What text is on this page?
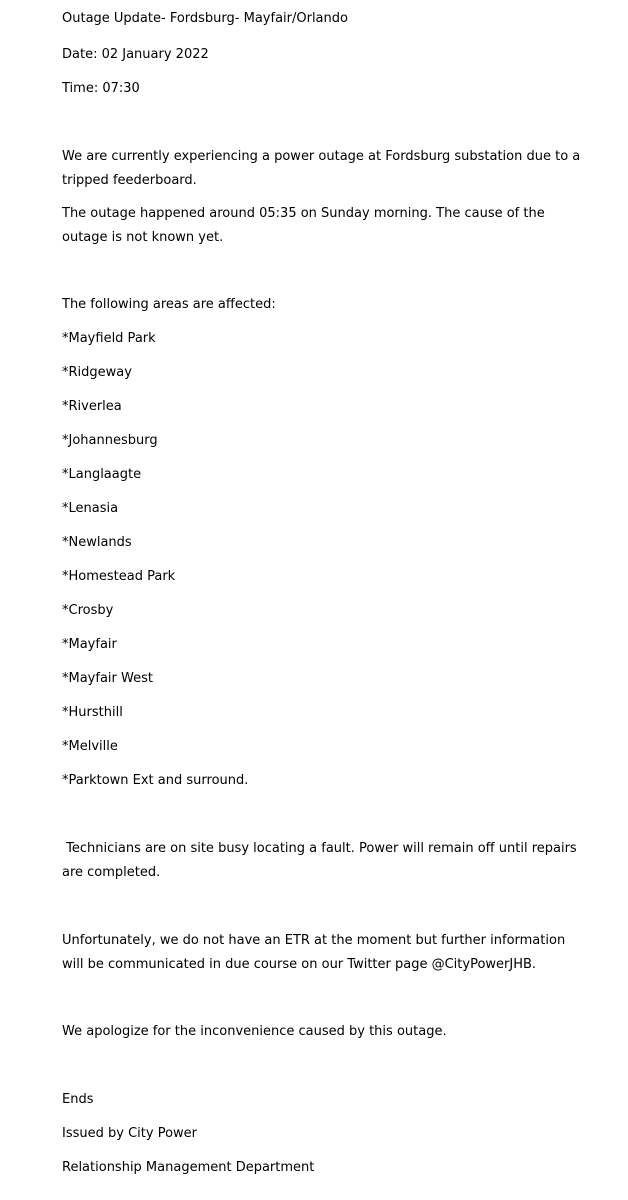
Outage Update- Fordsburg- Mayfair/Orlando
Date: 02 January 2022
Time: 07:30
We are currently experiencing a power outage at Fordsburg substation due to a
tripped feederboard.
The outage happened around 05:35 on Sunday morning. The cause of the
outage is not known yet.
The following areas are affected:
*Mayfield Park
*Ridgeway
*Riverlea
*Johannesburg
*Langlaagte
*Lenasia
*Newlands
*Homestead Park
*Crosby
*Mayfair
*Mayfair West
*Hursthill
*Melville
*Parktown Ext and surround.
Technicians are on site busy locating a fault. Power will remain off until repairs
are completed.
Unfortunately, we do not have an ETR at the moment but further information
will be communicated in due course on our Twitter page @CityPowerJHB.
We apologize for the inconvenience caused by this outage.
Ends
Issued by City Power
Relationship Management Department
